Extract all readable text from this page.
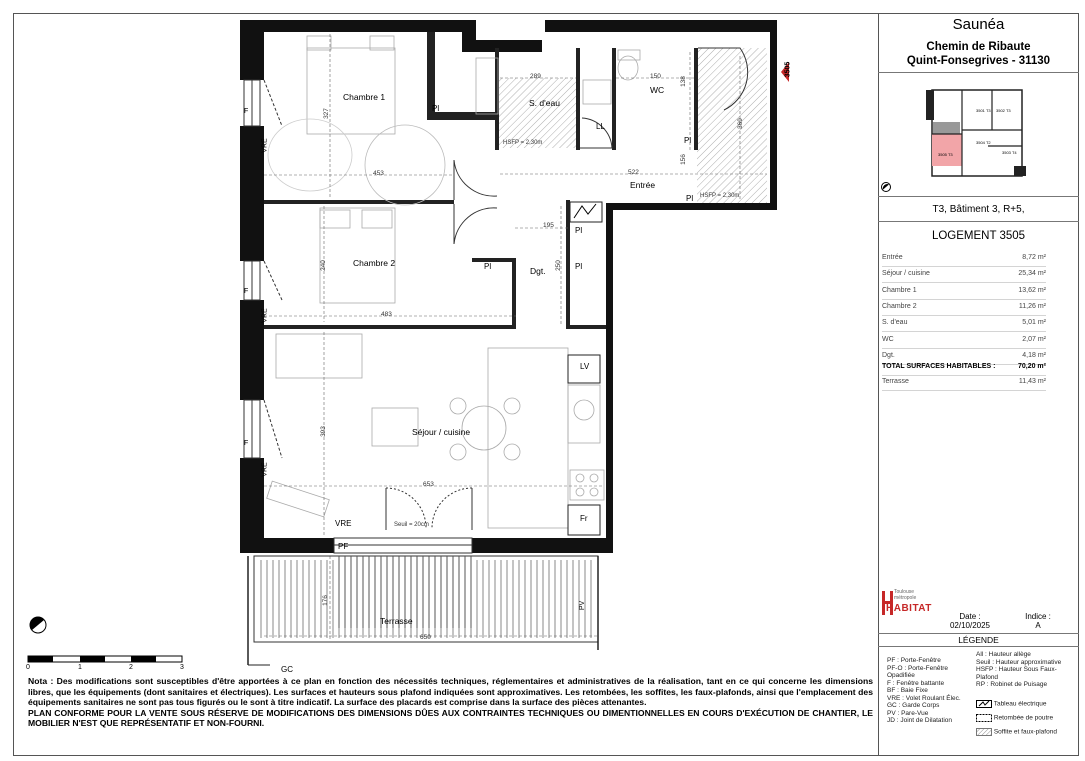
Chambre 1
Chambre 2
S. d'eau
WC
Entrée
Dgt.
Séjour / cuisine
Terrasse
327
453
289	150	138
522
156
369
195
250
240
483
393
653
176
650
HSFP = 2,30m
HSFP = 2,30m
Seuil = 20cm
Pl
Pl
Pl
Pl
Pl
Pl
LL
LV
Fr
F
F
F
VRE
VRE
VRE
VRE
PF
PV
GC
3505
0	1	2	3
Nota : Des modifications sont susceptibles d'être apportées à ce plan en fonction des nécessités techniques, réglementaires et administratives de la réalisation, tant en ce qui concerne les dimensions libres, que les équipements (dont sanitaires et électriques). Les surfaces et hauteurs sous plafond indiquées sont approximatives. Les retombées, les soffites, les faux-plafonds, ainsi que l'emplacement des équipements sanitaires ne sont pas tous figurés ou le sont à titre indicatif. La surface des placards est comprise dans la surface des pièces attenantes.
PLAN CONFORME POUR LA VENTE SOUS RÉSERVE DE MODIFICATIONS DES DIMENSIONS DÛES AUX CONTRAINTES TECHNIQUES OU DIMENTIONNELLES EN COURS D'EXÉCUTION DE CHANTIER, LE MOBILIER N'EST QUE REPRÉSENTATIF ET NON-FOURNI.
Saunéa
Chemin de Ribaute
Quint-Fonsegrives - 31130
3501 T3 3502 T3
3503 T4
3504 T2
3505 T3
T3, Bâtiment 3, R+5,
LOGEMENT 3505
Entrée	8,72 m²
Séjour / cuisine	25,34 m²
Chambre 1	13,62 m²
Chambre 2	11,26 m²
S. d'eau	5,01 m²
WC	2,07 m²
Dgt.	4,18 m²
TOTAL SURFACES HABITABLES :	70,20 m²
Terrasse	11,43 m²
Toulouse
métropole
HABITAT
Date :
02/10/2025
Indice :
A
LÉGENDE
PF : Porte-Fenêtre
PF-O : Porte-Fenêtre Opadifiée
F : Fenêtre battante
BF : Baie Fixe
VRE : Volet Roulant Élec.
GC : Garde Corps
PV : Pare-Vue
JD : Joint de Dilatation
All : Hauteur allège
Seuil : Hauteur approximative
HSFP : Hauteur Sous Faux-Plafond
RP : Robinet de Puisage
Tableau électrique
Retombée de poutre
Soffite et faux-plafond
